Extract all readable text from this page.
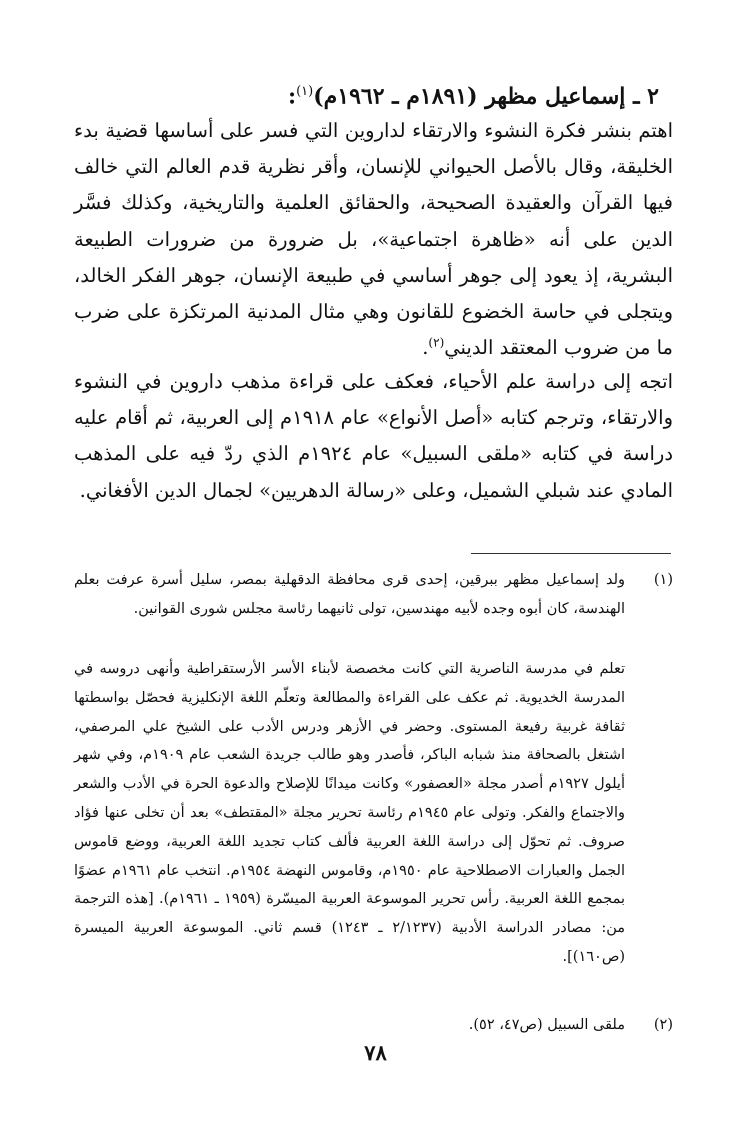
٢ ـ إسماعيل مظهر (١٨٩١م ـ ١٩٦٢م)$^{(١)}$:

اهتم بنشر فكرة النشوء والارتقاء لداروين التي فسر على أساسها قضية بدء الخليقة، وقال بالأصل الحيواني للإنسان، وأقر نظرية قدم العالم التي خالف فيها القرآن والعقيدة الصحيحة، والحقائق العلمية والتاريخية، وكذلك فسَّر الدين على أنه «ظاهرة اجتماعية»، بل ضرورة من ضرورات الطبيعة البشرية، إذ يعود إلى جوهر أساسي في طبيعة الإنسان، جوهر الفكر الخالد، ويتجلى في حاسة الخضوع للقانون وهي مثال المدنية المرتكزة على ضرب ما من ضروب المعتقد الديني$^{(٢)}$.

اتجه إلى دراسة علم الأحياء، فعكف على قراءة مذهب داروين في النشوء والارتقاء، وترجم كتابه «أصل الأنواع» عام ١٩١٨م إلى العربية، ثم أقام عليه دراسة في كتابه «ملقى السبيل» عام ١٩٢٤م الذي ردّ فيه على المذهب المادي عند شبلي الشميل، وعلى «رسالة الدهريين» لجمال الدين الأفغاني.

(١)
ولد إسماعيل مظهر ببرقين، إحدى قرى محافظة الدقهلية بمصر، سليل أسرة عرفت بعلم الهندسة، كان أبوه وجده لأبيه مهندسين، تولى ثانيهما رئاسة مجلس شورى القوانين.
تعلم في مدرسة الناصرية التي كانت مخصصة لأبناء الأسر الأرستقراطية وأنهى دروسه في المدرسة الخديوية. ثم عكف على القراءة والمطالعة وتعلّم اللغة الإنكليزية فحصّل بواسطتها ثقافة غربية رفيعة المستوى. وحضر في الأزهر ودرس الأدب على الشيخ علي المرصفي، اشتغل بالصحافة منذ شبابه الباكر، فأصدر وهو طالب جريدة الشعب عام ١٩٠٩م، وفي شهر أيلول ١٩٢٧م أصدر مجلة «العصفور» وكانت ميدانًا للإصلاح والدعوة الحرة في الأدب والشعر والاجتماع والفكر. وتولى عام ١٩٤٥م رئاسة تحرير مجلة «المقتطف» بعد أن تخلى عنها فؤاد صروف. ثم تحوّل إلى دراسة اللغة العربية فألف كتاب تجديد اللغة العربية، ووضع قاموس الجمل والعبارات الاصطلاحية عام ١٩٥٠م، وقاموس النهضة ١٩٥٤م. انتخب عام ١٩٦١م عضوًا بمجمع اللغة العربية. رأس تحرير الموسوعة العربية الميسّرة (١٩٥٩ ـ ١٩٦١م). [هذه الترجمة من: مصادر الدراسة الأدبية (٢/١٢٣٧ ـ ١٢٤٣) قسم ثاني. الموسوعة العربية الميسرة (ص١٦٠)].
(٢)
ملقى السبيل (ص٤٧، ٥٢).
٧٨
